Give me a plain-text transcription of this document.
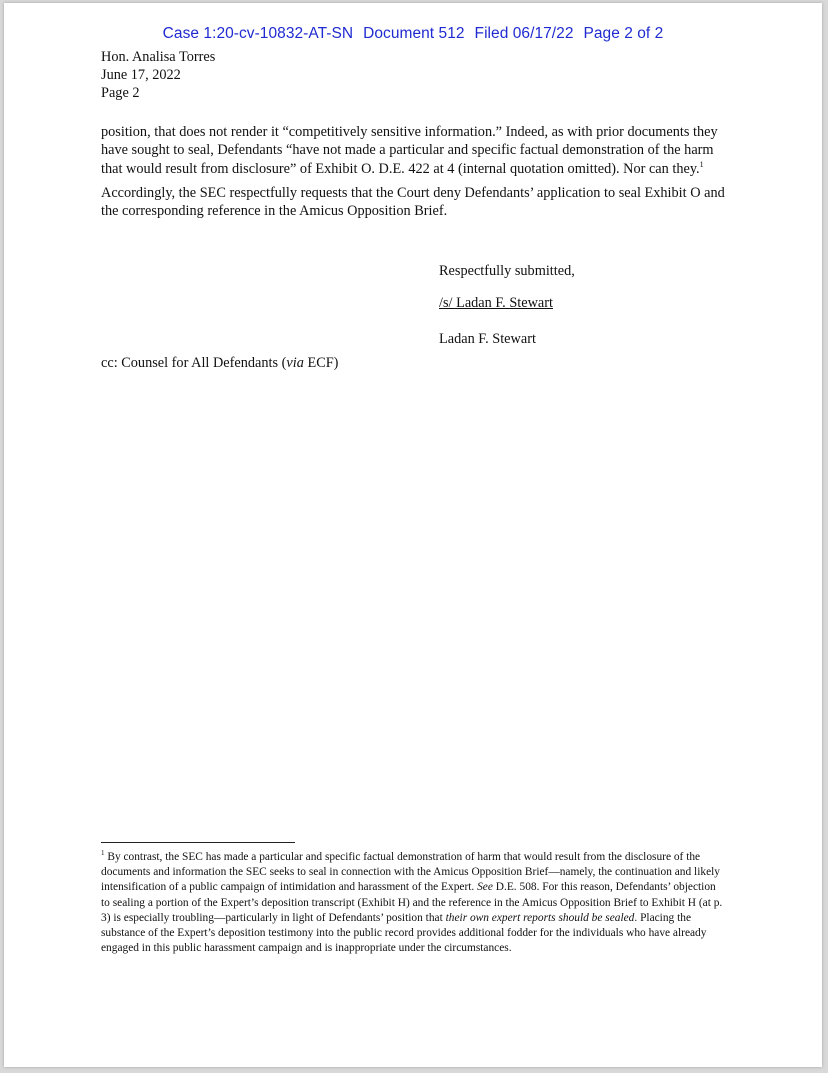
Case 1:20-cv-10832-AT-SN Document 512 Filed 06/17/22 Page 2 of 2
Hon. Analisa Torres
June 17, 2022
Page 2

position, that does not render it “competitively sensitive information.” Indeed, as with prior documents they have sought to seal, Defendants “have not made a particular and specific factual demonstration of the harm that would result from disclosure” of Exhibit O. D.E. 422 at 4 (internal quotation omitted). Nor can they.$^1$

Accordingly, the SEC respectfully requests that the Court deny Defendants’ application to seal Exhibit O and the corresponding reference in the Amicus Opposition Brief.

Respectfully submitted,
/s/ Ladan F. Stewart
Ladan F. Stewart
cc: Counsel for All Defendants (via ECF)
$^1$ By contrast, the SEC has made a particular and specific factual demonstration of harm that would result from the disclosure of the documents and information the SEC seeks to seal in connection with the Amicus Opposition Brief—namely, the continuation and likely intensification of a public campaign of intimidation and harassment of the Expert. See D.E. 508. For this reason, Defendants’ objection to sealing a portion of the Expert’s deposition transcript (Exhibit H) and the reference in the Amicus Opposition Brief to Exhibit H (at p. 3) is especially troubling—particularly in light of Defendants’ position that their own expert reports should be sealed. Placing the substance of the Expert’s deposition testimony into the public record provides additional fodder for the individuals who have already engaged in this public harassment campaign and is inappropriate under the circumstances.
